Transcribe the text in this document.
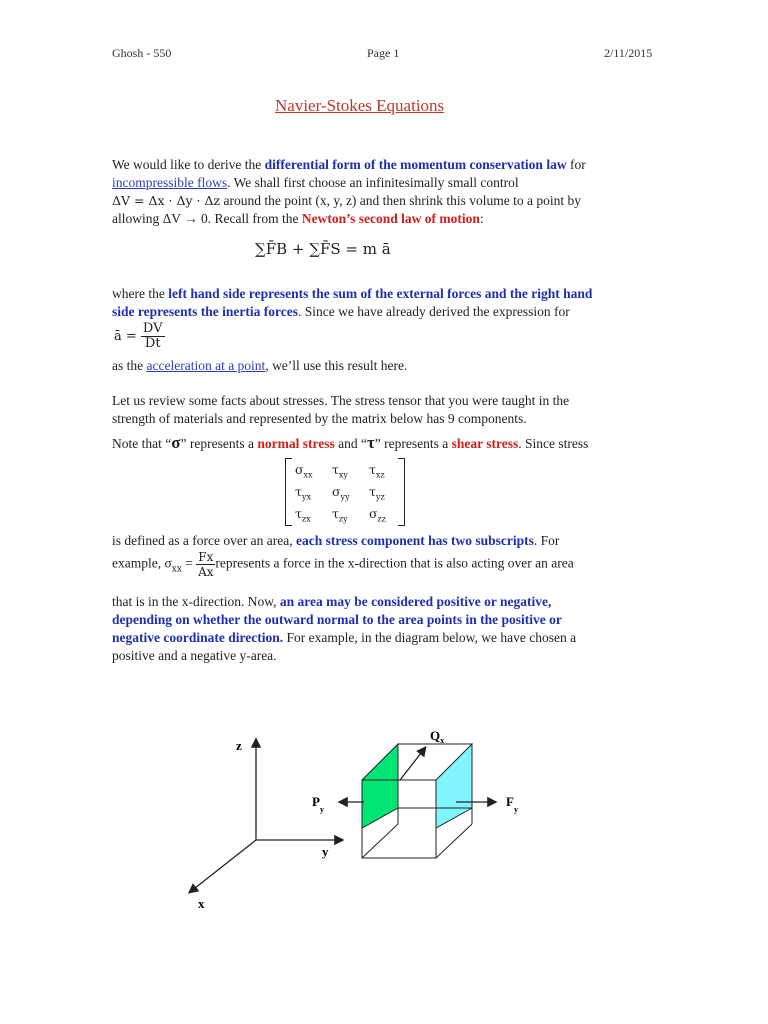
Ghosh - 550	Page 1	2/11/2015
Navier-Stokes Equations
We would like to derive the differential form of the momentum conservation law for
incompressible flows. We shall first choose an infinitesimally small control
ΔV = Δx · Δy · Δz around the point (x, y, z) and then shrink this volume to a point by
allowing ΔV → 0. Recall from the Newton’s second law of motion:
∑F̄B + ∑F̄S = m ā
where the left hand side represents the sum of the external forces and the right hand
side represents the inertia forces. Since we have already derived the expression for
ā = $\frac{DV}{Dt}$
as the acceleration at a point, we’ll use this result here.
Let us review some facts about stresses. The stress tensor that you were taught in the
strength of materials and represented by the matrix below has 9 components.
Note that “σ” represents a normal stress and “τ” represents a shear stress. Since stress
$\sigma_{xx}$ $\tau_{xy}$ $\tau_{xz}$
$\tau_{yx}$ $\sigma_{yy}$ $\tau_{yz}$
$\tau_{zx}$ $\tau_{zy}$ $\sigma_{zz}$
is defined as a force over an area, each stress component has two subscripts. For
example, $\sigma_{xx} = \frac{Fx}{Ax}$ represents a force in the x-direction that is also acting over an area
that is in the x-direction. Now, an area may be considered positive or negative,
depending on whether the outward normal to the area points in the positive or
negative coordinate direction. For example, in the diagram below, we have chosen a
positive and a negative y-area.
z
y
x
$Q_x$
$P_y$
$F_y$
